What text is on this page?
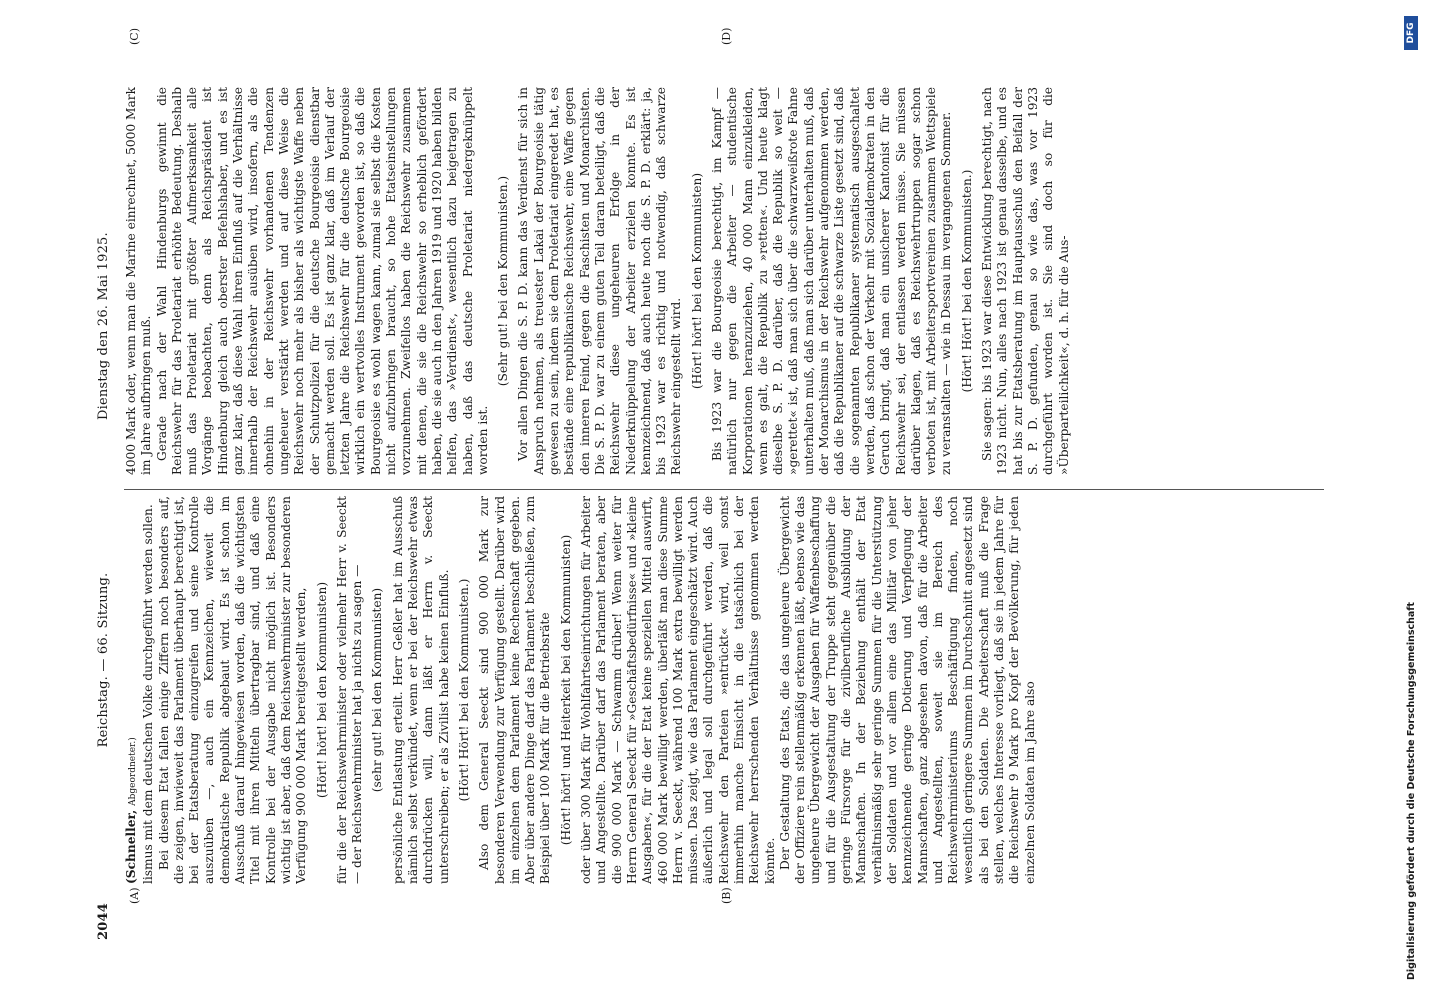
2044
Reichstag. — 66. Sitzung.
Dienstag den 26. Mai 1925.
(A)	(B)
(C)	(D)

(Schneller, Abgeordneter.) lismus mit dem deutschen Volke durchgeführt werden sollen. Bei diesem Etat fallen einige Ziffern noch besonders auf, die zeigen, inwieweit das Parlament überhaupt berechtigt ist, bei der Etatsberatung einzugreifen und seine Kontrolle auszuüben —, auch ein Kennzeichen, wieweit die demokratische Republik abgebaut wird. Es ist schon im Ausschuß darauf hingewiesen worden, daß die wichtigsten Titel mit ihren Mitteln übertragbar sind, und daß eine Kontrolle bei der Ausgabe nicht möglich ist. Besonders wichtig ist aber, daß dem Reichswehrminister zur besonderen Verfügung 900 000 Mark bereitgestellt werden, (Hört! hört! bei den Kommunisten) für die der Reichswehrminister oder vielmehr Herr v. Seeckt — der Reichswehrminister hat ja nichts zu sagen — (sehr gut! bei den Kommunisten) persönliche Entlastung erteilt. Herr Geßler hat im Ausschuß nämlich selbst verkündet, wenn er bei der Reichswehr etwas durchdrücken will, dann läßt er Herrn v. Seeckt unterschreiben; er als Zivilist habe keinen Einfluß. (Hört! Hört! bei den Kommunisten.) Also dem General Seeckt sind 900 000 Mark zur besonderen Verwendung zur Verfügung gestellt. Darüber wird im einzelnen dem Parlament keine Rechenschaft gegeben. Aber über andere Dinge darf das Parlament beschließen, zum Beispiel über 100 Mark für die Betriebsräte (Hört! hört! und Heiterkeit bei den Kommunisten) oder über 300 Mark für Wohlfahrtseinrichtungen für Arbeiter und Angestellte. Darüber darf das Parlament beraten, aber die 900 000 Mark — Schwamm drüber! Wenn weiter für Herrn General Seeckt für »Geschäftsbedürfnisse« und »kleine Ausgaben«, für die der Etat keine speziellen Mittel auswirft, 460 000 Mark bewilligt werden, überläßt man diese Summe Herrn v. Seeckt, während 100 Mark extra bewilligt werden müssen. Das zeigt, wie das Parlament eingeschätzt wird. Auch äußerlich und legal soll durchgeführt werden, daß die Reichswehr den Parteien »entrückt« wird, weil sonst immerhin manche Einsicht in die tatsächlich bei der Reichswehr herrschenden Verhältnisse genommen werden könnte. Der Gestaltung des Etats, die das ungeheure Übergewicht der Offiziere rein stellenmäßig erkennen läßt, ebenso wie das ungeheure Übergewicht der Ausgaben für Waffenbeschaffung und für die Ausgestaltung der Truppe steht gegenüber die geringe Fürsorge für die zivilberufliche Ausbildung der Mannschaften. In der Beziehung enthält der Etat verhältnismäßig sehr geringe Summen für die Unterstützung der Soldaten und vor allem eine das Militär von jeher kennzeichnende geringe Dotierung und Verpflegung der Mannschaften, ganz abgesehen davon, daß für die Arbeiter und Angestellten, soweit sie im Bereich des Reichswehrministeriums Beschäftigung finden, noch wesentlich geringere Summen im Durchschnitt angesetzt sind als bei den Soldaten. Die Arbeiterschaft muß die Frage stellen, welches Interesse vorliegt, daß sie in jedem Jahre für die Reichswehr 9 Mark pro Kopf der Bevölkerung, für jeden einzelnen Soldaten im Jahre also

4000 Mark oder, wenn man die Marine einrechnet, 5000 Mark im Jahre aufbringen muß. Gerade nach der Wahl Hindenburgs gewinnt die Reichswehr für das Proletariat erhöhte Bedeutung. Deshalb muß das Proletariat mit größter Aufmerksamkeit alle Vorgänge beobachten, denn als Reichspräsident ist Hindenburg gleich auch oberster Befehlshaber, und es ist ganz klar, daß diese Wahl ihren Einfluß auf die Verhältnisse innerhalb der Reichswehr ausüben wird, insofern, als die ohnehin in der Reichswehr vorhandenen Tendenzen ungeheuer verstärkt werden und auf diese Weise die Reichswehr noch mehr als bisher als wichtigste Waffe neben der Schutzpolizei für die deutsche Bourgeoisie dienstbar gemacht werden soll. Es ist ganz klar, daß im Verlauf der letzten Jahre die Reichswehr für die deutsche Bourgeoisie wirklich ein wertvolles Instrument geworden ist, so daß die Bourgeoisie es wohl wagen kann, zumal sie selbst die Kosten nicht aufzubringen braucht, so hohe Etatseinstellungen vorzunehmen. Zweifellos haben die Reichswehr zusammen mit denen, die sie die Reichswehr so erheblich gefördert haben, die sie auch in den Jahren 1919 und 1920 haben bilden helfen, das »Verdienst«, wesentlich dazu beigetragen zu haben, daß das deutsche Proletariat niedergeknüppelt worden ist.

(Sehr gut! bei den Kommunisten.) Vor allen Dingen die S. P. D. kann das Verdienst für sich in Anspruch nehmen, als treuester Lakai der Bourgeoisie tätig gewesen zu sein, indem sie dem Proletariat eingeredet hat, es bestände eine republikanische Reichswehr, eine Waffe gegen den inneren Feind, gegen die Faschisten und Monarchisten. Die S. P. D. war zu einem guten Teil daran beteiligt, daß die Reichswehr diese ungeheuren Erfolge in der Niederknüppelung der Arbeiter erzielen konnte. Es ist kennzeichnend, daß auch heute noch die S. P. D. erklärt: ja, bis 1923 war es richtig und notwendig, daß schwarze Reichswehr eingestellt wird. (Hört! hört! bei den Kommunisten) Bis 1923 war die Bourgeoisie berechtigt, im Kampf — natürlich nur gegen die Arbeiter — studentische Korporationen heranzuziehen, 40 000 Mann einzukleiden, wenn es galt, die Republik zu »retten«. Und heute klagt dieselbe S. P. D. darüber, daß die Republik so weit — »gerettet« ist, daß man sich über die schwarzweißrote Fahne unterhalten muß, daß man sich darüber unterhalten muß, daß der Monarchismus in der Reichswehr aufgenommen werden, daß die Republikaner auf die schwarze Liste gesetzt sind, daß die sogenannten Republikaner systematisch ausgeschaltet werden, daß schon der Verkehr mit Sozialdemokraten in den Geruch bringt, daß man ein unsicherer Kantonist für die Reichswehr sei, der entlassen werden müsse. Sie müssen darüber klagen, daß es Reichswehrtruppen sogar schon verboten ist, mit Arbeitersportvereinen zusammen Wettspiele zu veranstalten — wie in Dessau im vergangenen Sommer. (Hört! Hört! bei den Kommunisten.) Sie sagen: bis 1923 war diese Entwicklung berechtigt, nach 1923 nicht. Nun, alles nach 1923 ist genau dasselbe, und es hat bis zur Etatsberatung im Hauptausschuß den Beifall der S. P. D. gefunden, genau so wie das, was vor 1923 durchgeführt worden ist. Sie sind doch so für die »Überparteilichkeit«, d. h. für die Aus-

Digitalisierung gefördert durch die Deutsche Forschungsgemeinschaft
DFG
